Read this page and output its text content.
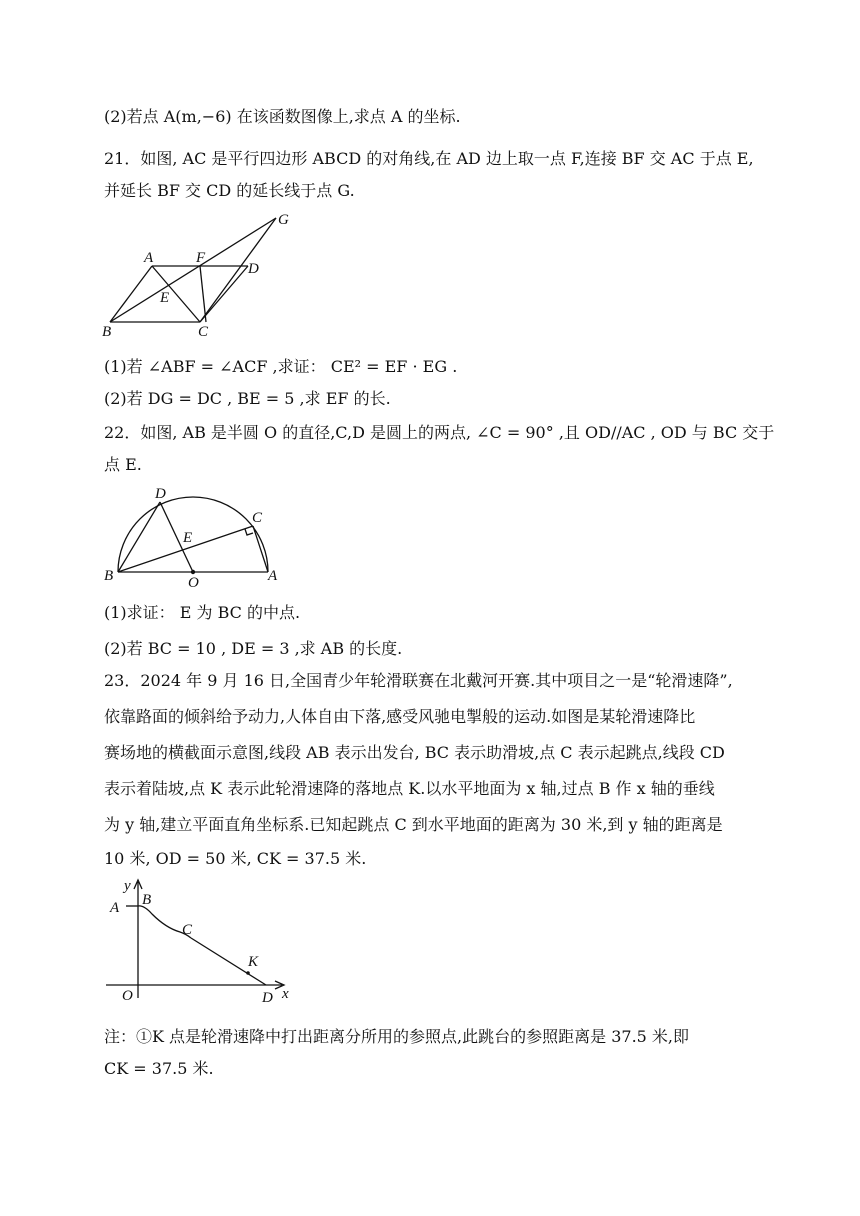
(2)若点 A(m,−6) 在该函数图像上,求点 A 的坐标.
21．如图, AC 是平行四边形 ABCD 的对角线,在 AD 边上取一点 F,连接 BF 交 AC 于点 E,
并延长 BF 交 CD 的延长线于点 G.
A	F
D
E
B	C
G
(1)若 ∠ABF = ∠ACF ,求证： CE² = EF · EG .
(2)若 DG = DC , BE = 5 ,求 EF 的长.
22．如图, AB 是半圆 O 的直径,C,D 是圆上的两点, ∠C = 90° ,且 OD//AC , OD 与 BC 交于
点 E.
D
C
E
B	O	A
(1)求证： E 为 BC 的中点.
(2)若 BC = 10 , DE = 3 ,求 AB 的长度.
23．2024 年 9 月 16 日,全国青少年轮滑联赛在北戴河开赛.其中项目之一是“轮滑速降”,
依靠路面的倾斜给予动力,人体自由下落,感受风驰电掣般的运动.如图是某轮滑速降比
赛场地的横截面示意图,线段 AB 表示出发台, BC 表示助滑坡,点 C 表示起跳点,线段 CD
表示着陆坡,点 K 表示此轮滑速降的落地点 K.以水平地面为 x 轴,过点 B 作 x 轴的垂线
为 y 轴,建立平面直角坐标系.已知起跳点 C 到水平地面的距离为 30 米,到 y 轴的距离是
10 米, OD = 50 米, CK = 37.5 米.
y
A B
C
K
O	D x
注：①K 点是轮滑速降中打出距离分所用的参照点,此跳台的参照距离是 37.5 米,即
CK = 37.5 米.
